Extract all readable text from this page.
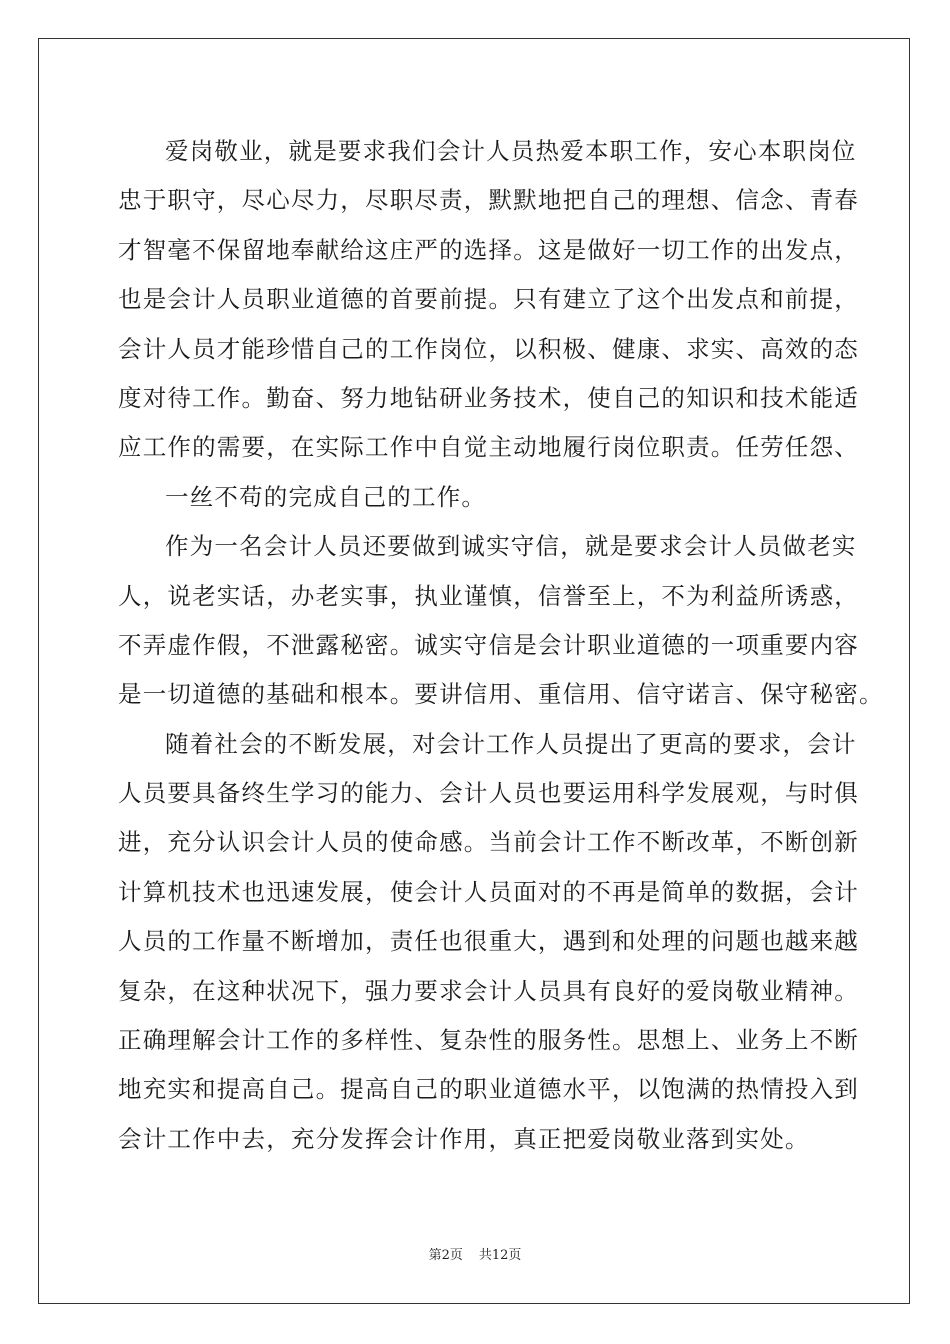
爱岗敬业，就是要求我们会计人员热爱本职工作，安心本职岗位
忠于职守，尽心尽力，尽职尽责，默默地把自己的理想、信念、青春
才智毫不保留地奉献给这庄严的选择。这是做好一切工作的出发点，
也是会计人员职业道德的首要前提。只有建立了这个出发点和前提，
会计人员才能珍惜自己的工作岗位，以积极、健康、求实、高效的态
度对待工作。勤奋、努力地钻研业务技术，使自己的知识和技术能适
应工作的需要，在实际工作中自觉主动地履行岗位职责。任劳任怨、
一丝不苟的完成自己的工作。
作为一名会计人员还要做到诚实守信，就是要求会计人员做老实
人，说老实话，办老实事，执业谨慎，信誉至上，不为利益所诱惑，
不弄虚作假，不泄露秘密。诚实守信是会计职业道德的一项重要内容
是一切道德的基础和根本。要讲信用、重信用、信守诺言、保守秘密。
随着社会的不断发展，对会计工作人员提出了更高的要求，会计
人员要具备终生学习的能力、会计人员也要运用科学发展观，与时俱
进，充分认识会计人员的使命感。当前会计工作不断改革，不断创新
计算机技术也迅速发展，使会计人员面对的不再是简单的数据，会计
人员的工作量不断增加，责任也很重大，遇到和处理的问题也越来越
复杂，在这种状况下，强力要求会计人员具有良好的爱岗敬业精神。
正确理解会计工作的多样性、复杂性的服务性。思想上、业务上不断
地充实和提高自己。提高自己的职业道德水平，以饱满的热情投入到
会计工作中去，充分发挥会计作用，真正把爱岗敬业落到实处。
第2页 共12页
